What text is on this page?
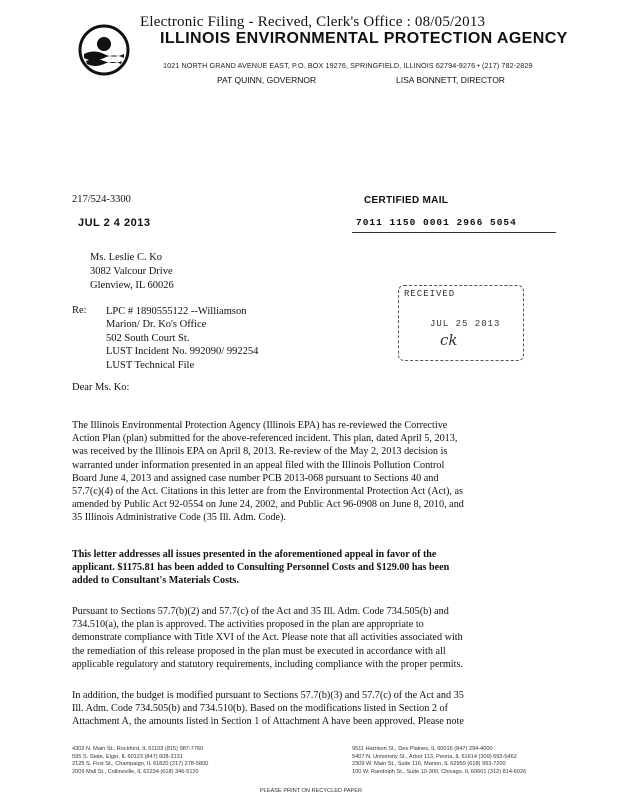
Electronic Filing - Recived, Clerk's Office : 08/05/2013
ILLINOIS ENVIRONMENTAL PROTECTION AGENCY
1021 NORTH GRAND AVENUE EAST, P.O. BOX 19276, SPRINGFIELD, ILLINOIS 62794-9276 • (217) 782-2829
PAT QUINN, GOVERNOR	LISA BONNETT, DIRECTOR
217/524-3300
JUL 2 4 2013
CERTIFIED MAIL
7011 1150 0001 2966 5054
Ms. Leslie C. Ko
3082 Valcour Drive
Glenview, IL 60026
Re: LPC # 1890555122 --Williamson
Marion/ Dr. Ko's Office
502 South Court St.
LUST Incident No. 992090/ 992254
LUST Technical File
RECEIVED
JUL 25 2013
ck
Dear Ms. Ko:
The Illinois Environmental Protection Agency (Illinois EPA) has re-reviewed the Corrective
Action Plan (plan) submitted for the above-referenced incident. This plan, dated April 5, 2013,
was received by the Illinois EPA on April 8, 2013. Re-review of the May 2, 2013 decision is
warranted under information presented in an appeal filed with the Illinois Pollution Control
Board June 4, 2013 and assigned case number PCB 2013-068 pursuant to Sections 40 and
57.7(c)(4) of the Act. Citations in this letter are from the Environmental Protection Act (Act), as
amended by Public Act 92-0554 on June 24, 2002, and Public Act 96-0908 on June 8, 2010, and
35 Illinois Administrative Code (35 Ill. Adm. Code).
This letter addresses all issues presented in the aforementioned appeal in favor of the
applicant. $1175.81 has been added to Consulting Personnel Costs and $129.00 has been
added to Consultant's Materials Costs.
Pursuant to Sections 57.7(b)(2) and 57.7(c) of the Act and 35 Ill. Adm. Code 734.505(b) and
734.510(a), the plan is approved. The activities proposed in the plan are appropriate to
demonstrate compliance with Title XVI of the Act. Please note that all activities associated with
the remediation of this release proposed in the plan must be executed in accordance with all
applicable regulatory and statutory requirements, including compliance with the proper permits.
In addition, the budget is modified pursuant to Sections 57.7(b)(3) and 57.7(c) of the Act and 35
Ill. Adm. Code 734.505(b) and 734.510(b). Based on the modifications listed in Section 2 of
Attachment A, the amounts listed in Section 1 of Attachment A have been approved. Please note
4302 N. Main St., Rockford, IL 61103 (815) 987-7760
595 S. State, Elgin, IL 60123 (847) 608-3131
2125 S. First St., Champaign, IL 61820 (217) 278-5800
2009 Mall St., Collinsville, IL 62234 (618) 346-5120
9511 Harrison St., Des Plaines, IL 60016 (847) 294-4000
5407 N. University St., Arbor 113, Peoria, IL 61614 (309) 693-5462
2309 W. Main St., Suite 116, Marion, IL 62959 (618) 993-7200
100 W. Randolph St., Suite 10-300, Chicago, IL 60601 (312) 814-6026
PLEASE PRINT ON RECYCLED PAPER
